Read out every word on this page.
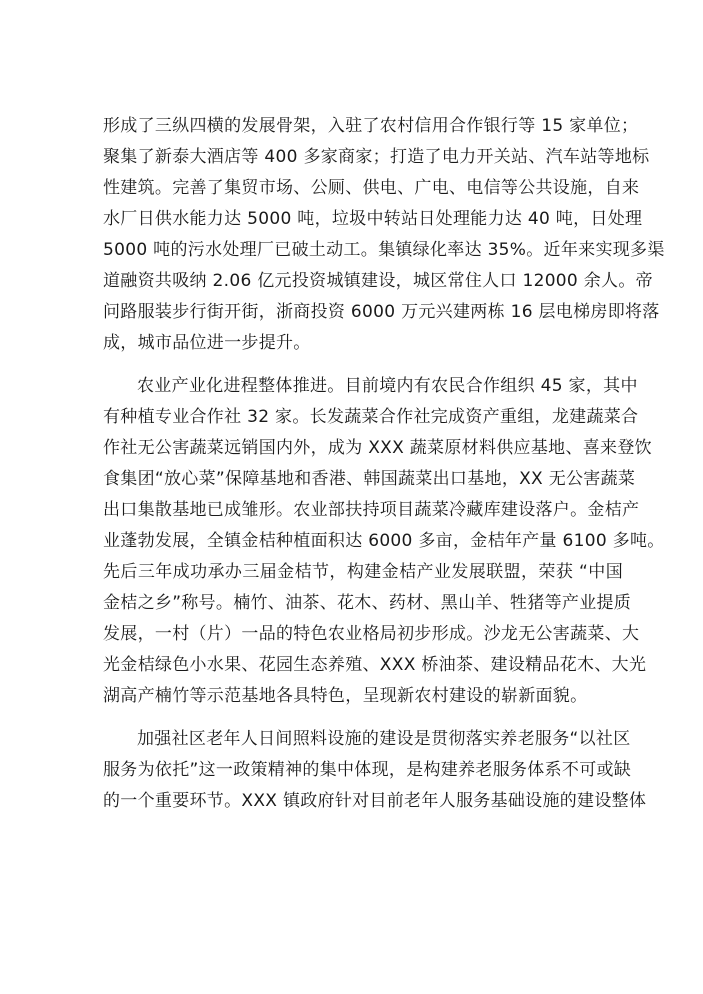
形成了三纵四横的发展骨架，入驻了农村信用合作银行等 15 家单位；
聚集了新泰大酒店等 400 多家商家；打造了电力开关站、汽车站等地标
性建筑。完善了集贸市场、公厕、供电、广电、电信等公共设施，自来
水厂日供水能力达 5000 吨，垃圾中转站日处理能力达 40 吨，日处理
5000 吨的污水处理厂已破土动工。集镇绿化率达 35%。近年来实现多渠
道融资共吸纳 2.06 亿元投资城镇建设，城区常住人口 12000 余人。帝
问路服装步行街开街，浙商投资 6000 万元兴建两栋 16 层电梯房即将落
成，城市品位进一步提升。
农业产业化进程整体推进。目前境内有农民合作组织 45 家，其中
有种植专业合作社 32 家。长发蔬菜合作社完成资产重组，龙建蔬菜合
作社无公害蔬菜远销国内外，成为 XXX 蔬菜原材料供应基地、喜来登饮
食集团“放心菜”保障基地和香港、韩国蔬菜出口基地，XX 无公害蔬菜
出口集散基地已成雏形。农业部扶持项目蔬菜冷藏库建设落户。金桔产
业蓬勃发展，全镇金桔种植面积达 6000 多亩，金桔年产量 6100 多吨。
先后三年成功承办三届金桔节，构建金桔产业发展联盟，荣获 “中国
金桔之乡”称号。楠竹、油茶、花木、药材、黑山羊、牲猪等产业提质
发展，一村（片）一品的特色农业格局初步形成。沙龙无公害蔬菜、大
光金桔绿色小水果、花园生态养殖、XXX 桥油茶、建设精品花木、大光
湖高产楠竹等示范基地各具特色，呈现新农村建设的崭新面貌。
加强社区老年人日间照料设施的建设是贯彻落实养老服务“以社区
服务为依托”这一政策精神的集中体现，是构建养老服务体系不可或缺
的一个重要环节。XXX 镇政府针对目前老年人服务基础设施的建设整体
